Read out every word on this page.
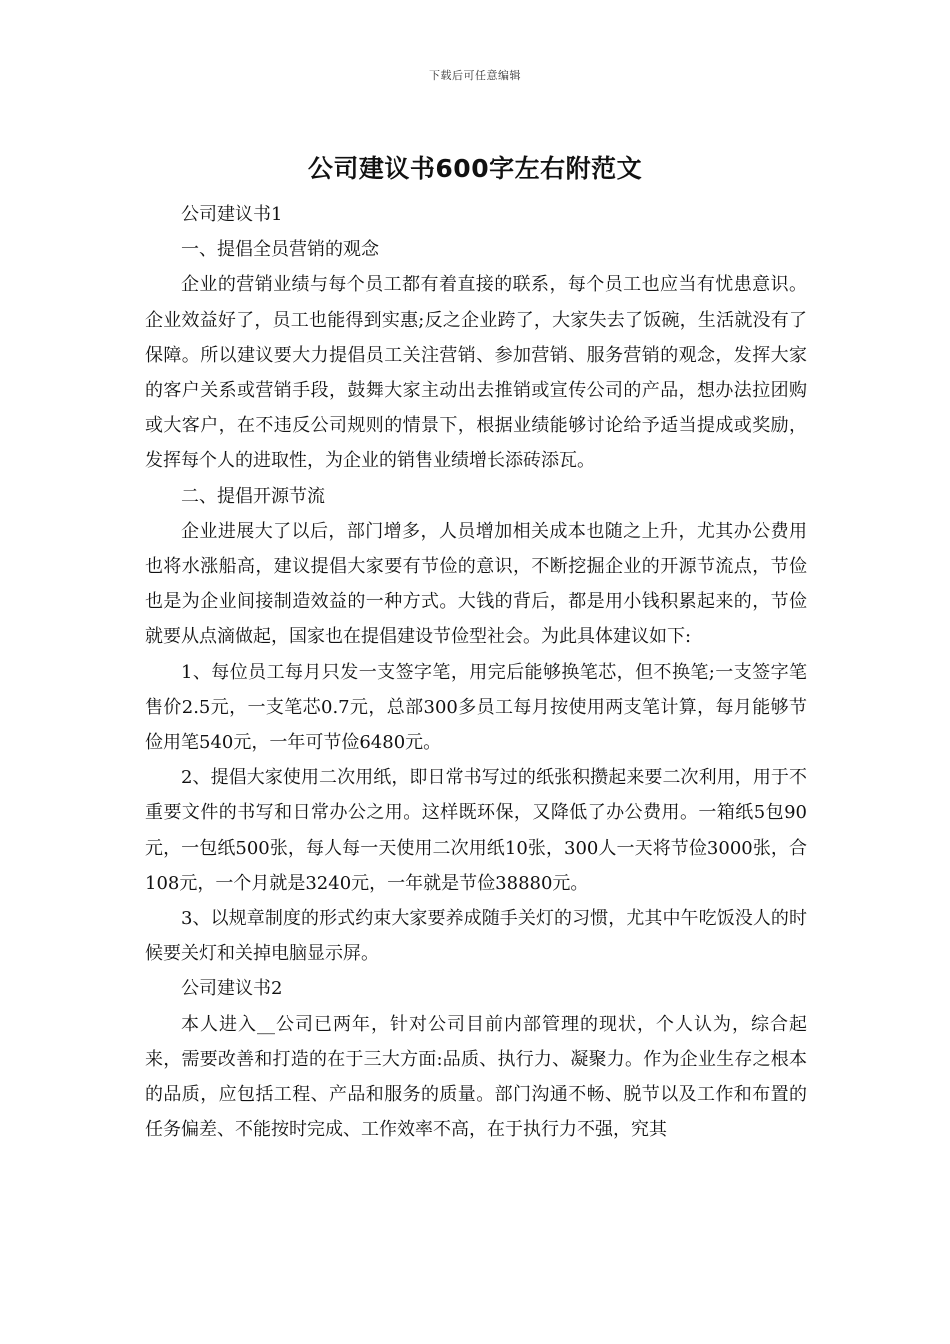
下载后可任意编辑
公司建议书600字左右附范文

公司建议书1

一、提倡全员营销的观念

企业的营销业绩与每个员工都有着直接的联系，每个员工也应当有忧患意识。企业效益好了，员工也能得到实惠;反之企业跨了，大家失去了饭碗，生活就没有了保障。所以建议要大力提倡员工关注营销、参加营销、服务营销的观念，发挥大家的客户关系或营销手段，鼓舞大家主动出去推销或宣传公司的产品，想办法拉团购或大客户，在不违反公司规则的情景下，根据业绩能够讨论给予适当提成或奖励，发挥每个人的进取性，为企业的销售业绩增长添砖添瓦。

二、提倡开源节流

企业进展大了以后，部门增多，人员增加相关成本也随之上升，尤其办公费用也将水涨船高，建议提倡大家要有节俭的意识，不断挖掘企业的开源节流点，节俭也是为企业间接制造效益的一种方式。大钱的背后，都是用小钱积累起来的，节俭就要从点滴做起，国家也在提倡建设节俭型社会。为此具体建议如下:

1、每位员工每月只发一支签字笔，用完后能够换笔芯，但不换笔;一支签字笔售价2.5元，一支笔芯0.7元，总部300多员工每月按使用两支笔计算，每月能够节俭用笔540元，一年可节俭6480元。

2、提倡大家使用二次用纸，即日常书写过的纸张积攒起来要二次利用，用于不重要文件的书写和日常办公之用。这样既环保，又降低了办公费用。一箱纸5包90元，一包纸500张，每人每一天使用二次用纸10张，300人一天将节俭3000张，合108元，一个月就是3240元，一年就是节俭38880元。

3、以规章制度的形式约束大家要养成随手关灯的习惯，尤其中午吃饭没人的时候要关灯和关掉电脑显示屏。

公司建议书2

本人进入__公司已两年，针对公司目前内部管理的现状，个人认为，综合起来，需要改善和打造的在于三大方面:品质、执行力、凝聚力。作为企业生存之根本的品质，应包括工程、产品和服务的质量。部门沟通不畅、脱节以及工作和布置的任务偏差、不能按时完成、工作效率不高，在于执行力不强，究其
